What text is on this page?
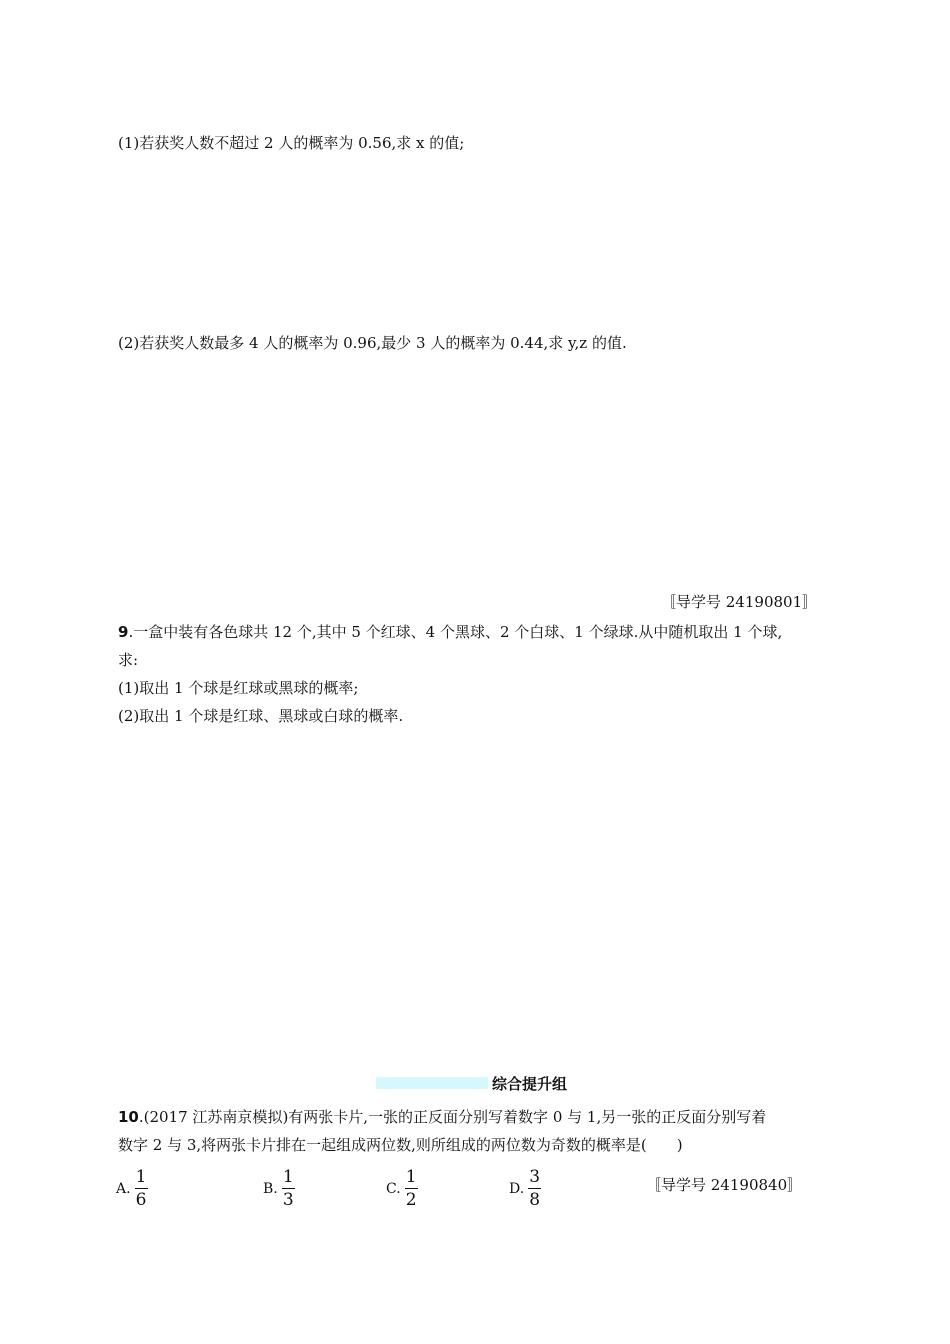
(1)若获奖人数不超过 2 人的概率为 0.56,求 x 的值;
(2)若获奖人数最多 4 人的概率为 0.96,最少 3 人的概率为 0.44,求 y,z 的值.
〚导学号 24190801〛
9.一盒中装有各色球共 12 个,其中 5 个红球、4 个黑球、2 个白球、1 个绿球.从中随机取出 1 个球,
求:
(1)取出 1 个球是红球或黑球的概率;
(2)取出 1 个球是红球、黑球或白球的概率.
综合提升组
10.(2017 江苏南京模拟)有两张卡片,一张的正反面分别写着数字 0 与 1,另一张的正反面分别写着
数字 2 与 3,将两张卡片排在一起组成两位数,则所组成的两位数为奇数的概率是(　　)
A. $\frac{1}{6}$	B. $\frac{1}{3}$	C. $\frac{1}{2}$	D. $\frac{3}{8}$	〚导学号 24190840〛
